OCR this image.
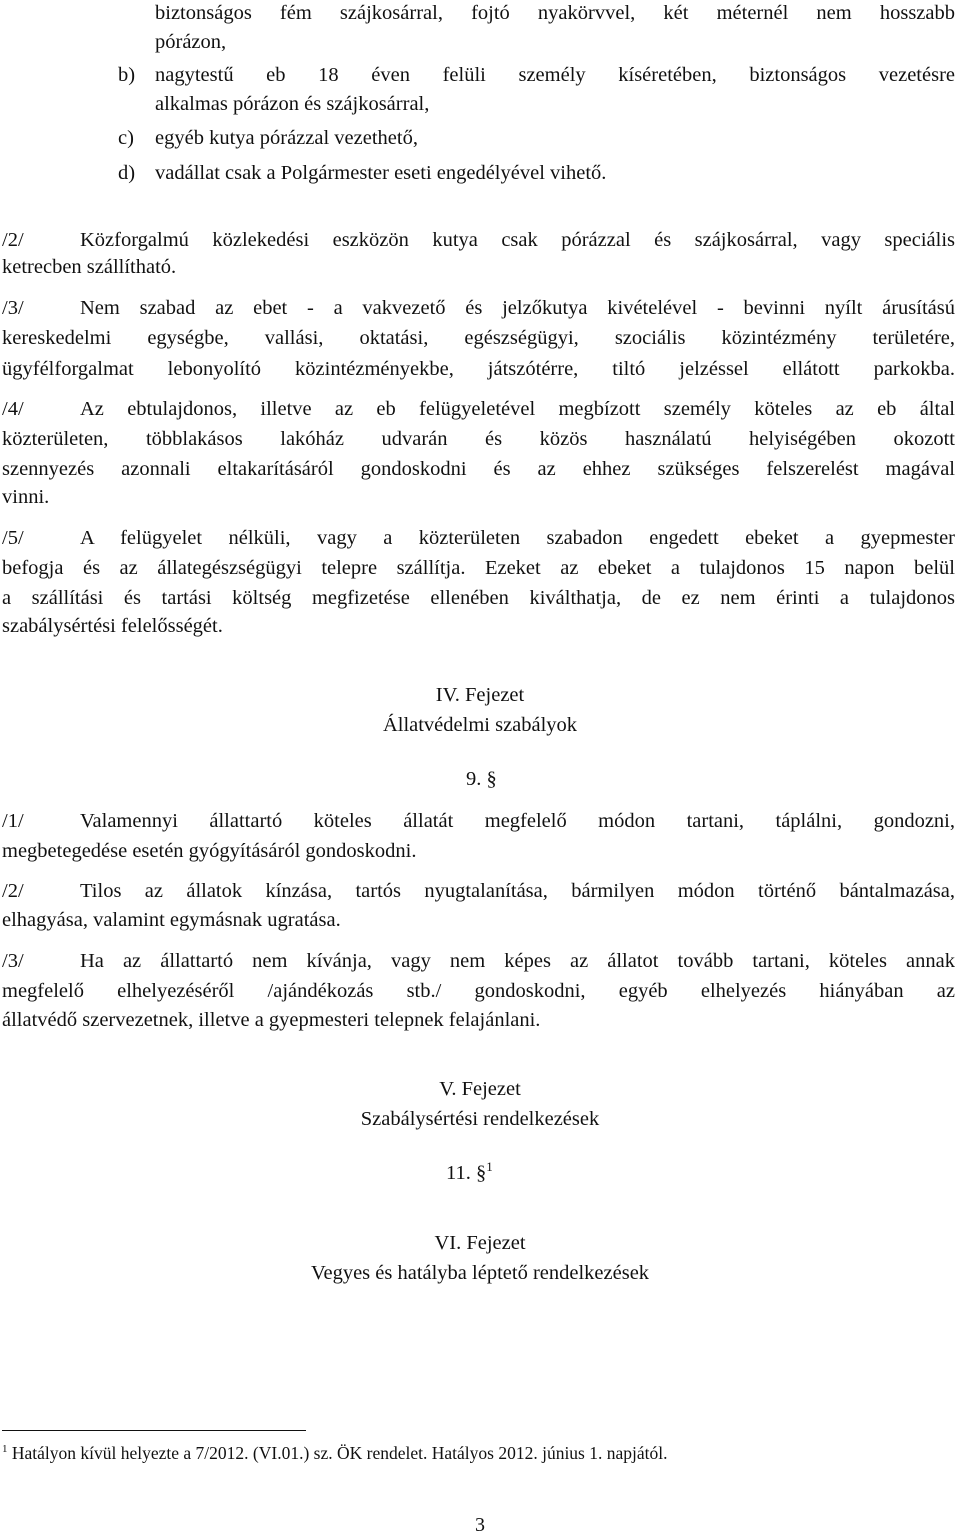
biztonságos fém szájkosárral, fojtó nyakörvvel, két méternél nem hosszabb
pórázon,
b) nagytestű eb 18 éven felüli személy kíséretében, biztonságos vezetésre
alkalmas pórázon és szájkosárral,
c) egyéb kutya pórázzal vezethető,
d) vadállat csak a Polgármester eseti engedélyével vihető.
/2/	Közforgalmú közlekedési eszközön kutya csak pórázzal és szájkosárral, vagy speciális
ketrecben szállítható.
/3/	Nem szabad az ebet - a vakvezető és jelzőkutya kivételével - bevinni nyílt árusítású
kereskedelmi egységbe, vallási, oktatási, egészségügyi, szociális közintézmény területére,
ügyfélforgalmat lebonyolító közintézményekbe, játszótérre, tiltó jelzéssel ellátott parkokba.
/4/	Az ebtulajdonos, illetve az eb felügyeletével megbízott személy köteles az eb által
közterületen, többlakásos lakóház udvarán és közös használatú helyiségében okozott
szennyezés azonnali eltakarításáról gondoskodni és az ehhez szükséges felszerelést magával
vinni.
/5/	A felügyelet nélküli, vagy a közterületen szabadon engedett ebeket a gyepmester
befogja és az állategészségügyi telepre szállítja. Ezeket az ebeket a tulajdonos 15 napon belül
a szállítási és tartási költség megfizetése ellenében kiválthatja, de ez nem érinti a tulajdonos
szabálysértési felelősségét.
IV. Fejezet
Állatvédelmi szabályok
9. §
/1/	Valamennyi állattartó köteles állatát megfelelő módon tartani, táplálni, gondozni,
megbetegedése esetén gyógyításáról gondoskodni.
/2/	Tilos az állatok kínzása, tartós nyugtalanítása, bármilyen módon történő bántalmazása,
elhagyása, valamint egymásnak ugratása.
/3/	Ha az állattartó nem kívánja, vagy nem képes az állatot tovább tartani, köteles annak
megfelelő elhelyezéséről /ajándékozás stb./ gondoskodni, egyéb elhelyezés hiányában az
állatvédő szervezetnek, illetve a gyepmesteri telepnek felajánlani.
V. Fejezet
Szabálysértési rendelkezések
11. §$^1$
VI. Fejezet
Vegyes és hatályba léptető rendelkezések
$^1$ Hatályon kívül helyezte a 7/2012. (VI.01.) sz. ÖK rendelet. Hatályos 2012. június 1. napjától.
3
